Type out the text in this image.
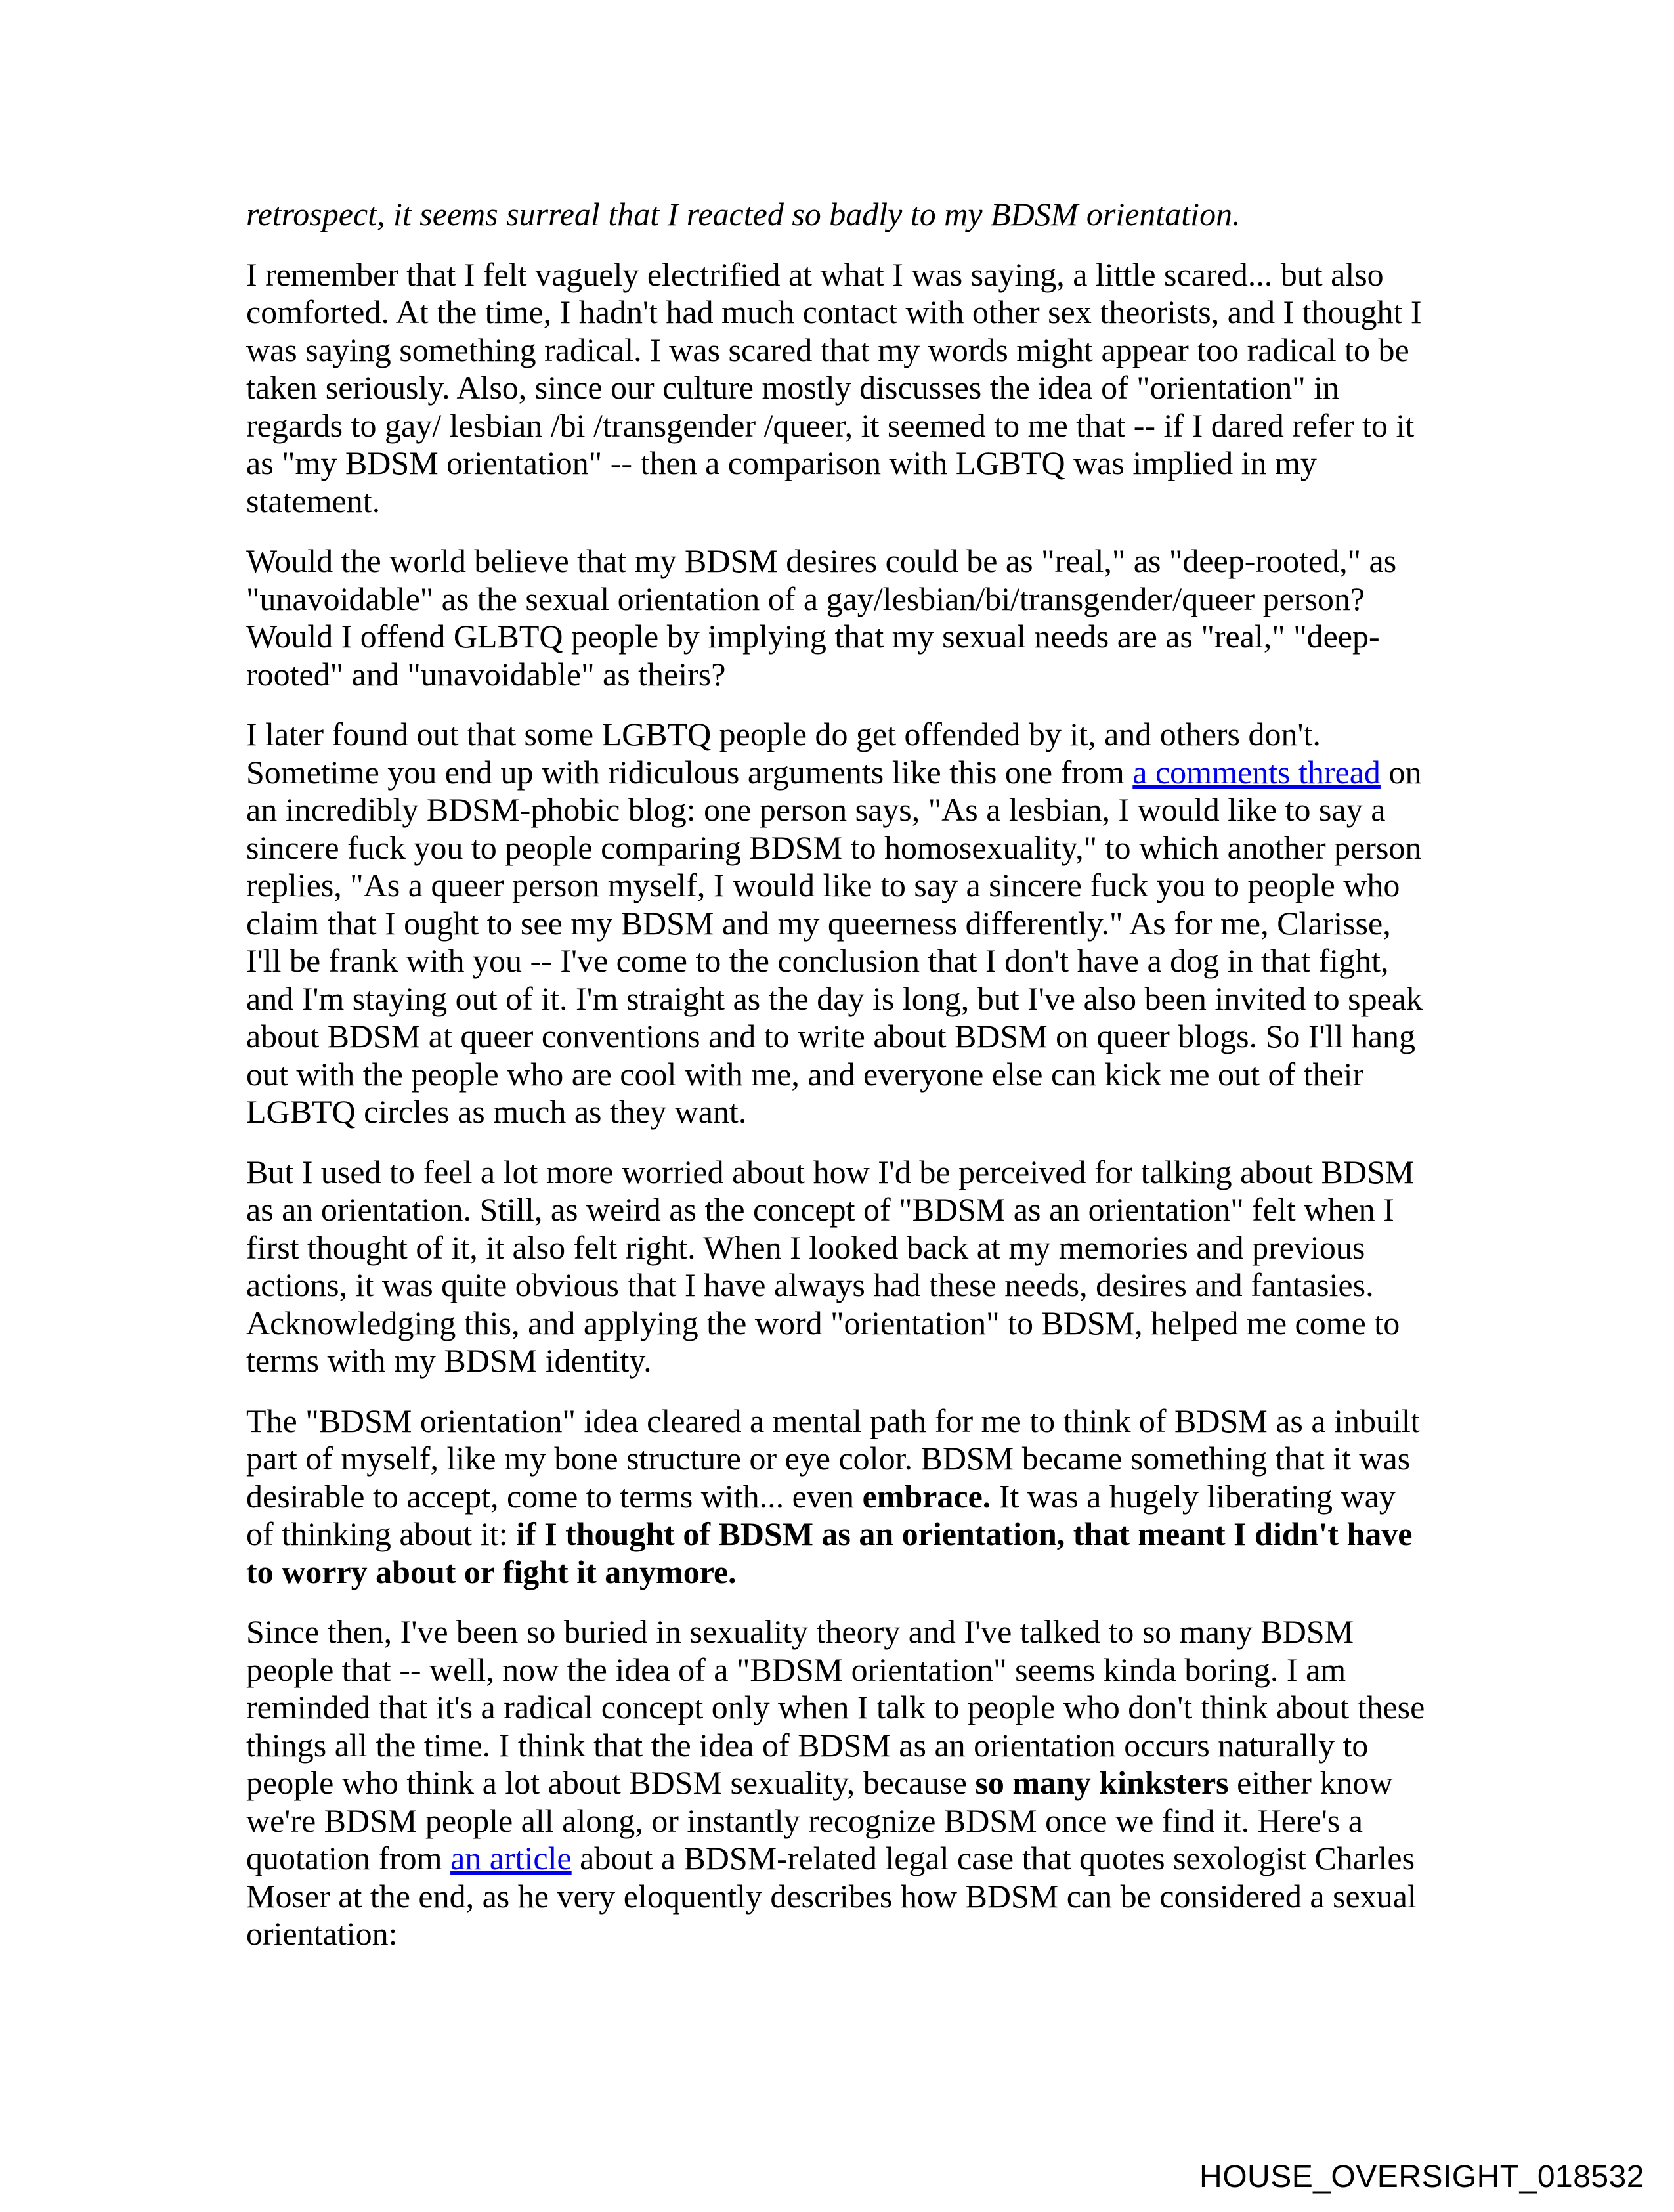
retrospect, it seems surreal that I reacted so badly to my BDSM orientation.

I remember that I felt vaguely electrified at what I was saying, a little scared... but also comforted. At the time, I hadn't had much contact with other sex theorists, and I thought I was saying something radical. I was scared that my words might appear too radical to be taken seriously. Also, since our culture mostly discusses the idea of "orientation" in regards to gay/ lesbian /bi /transgender /queer, it seemed to me that -- if I dared refer to it as "my BDSM orientation" -- then a comparison with LGBTQ was implied in my statement.

Would the world believe that my BDSM desires could be as "real," as "deep-rooted," as "unavoidable" as the sexual orientation of a gay/lesbian/bi/transgender/queer person? Would I offend GLBTQ people by implying that my sexual needs are as "real," "deep-rooted" and "unavoidable" as theirs?

I later found out that some LGBTQ people do get offended by it, and others don't. Sometime you end up with ridiculous arguments like this one from a comments thread on an incredibly BDSM-phobic blog: one person says, "As a lesbian, I would like to say a sincere fuck you to people comparing BDSM to homosexuality," to which another person replies, "As a queer person myself, I would like to say a sincere fuck you to people who claim that I ought to see my BDSM and my queerness differently." As for me, Clarisse, I'll be frank with you -- I've come to the conclusion that I don't have a dog in that fight, and I'm staying out of it. I'm straight as the day is long, but I've also been invited to speak about BDSM at queer conventions and to write about BDSM on queer blogs. So I'll hang out with the people who are cool with me, and everyone else can kick me out of their LGBTQ circles as much as they want.

But I used to feel a lot more worried about how I'd be perceived for talking about BDSM as an orientation. Still, as weird as the concept of "BDSM as an orientation" felt when I first thought of it, it also felt right. When I looked back at my memories and previous actions, it was quite obvious that I have always had these needs, desires and fantasies. Acknowledging this, and applying the word "orientation" to BDSM, helped me come to terms with my BDSM identity.

The "BDSM orientation" idea cleared a mental path for me to think of BDSM as a inbuilt part of myself, like my bone structure or eye color. BDSM became something that it was desirable to accept, come to terms with... even embrace. It was a hugely liberating way of thinking about it: if I thought of BDSM as an orientation, that meant I didn't have to worry about or fight it anymore.

Since then, I've been so buried in sexuality theory and I've talked to so many BDSM people that -- well, now the idea of a "BDSM orientation" seems kinda boring. I am reminded that it's a radical concept only when I talk to people who don't think about these things all the time. I think that the idea of BDSM as an orientation occurs naturally to people who think a lot about BDSM sexuality, because so many kinksters either know we're BDSM people all along, or instantly recognize BDSM once we find it. Here's a quotation from an article about a BDSM-related legal case that quotes sexologist Charles Moser at the end, as he very eloquently describes how BDSM can be considered a sexual orientation:

HOUSE_OVERSIGHT_018532
